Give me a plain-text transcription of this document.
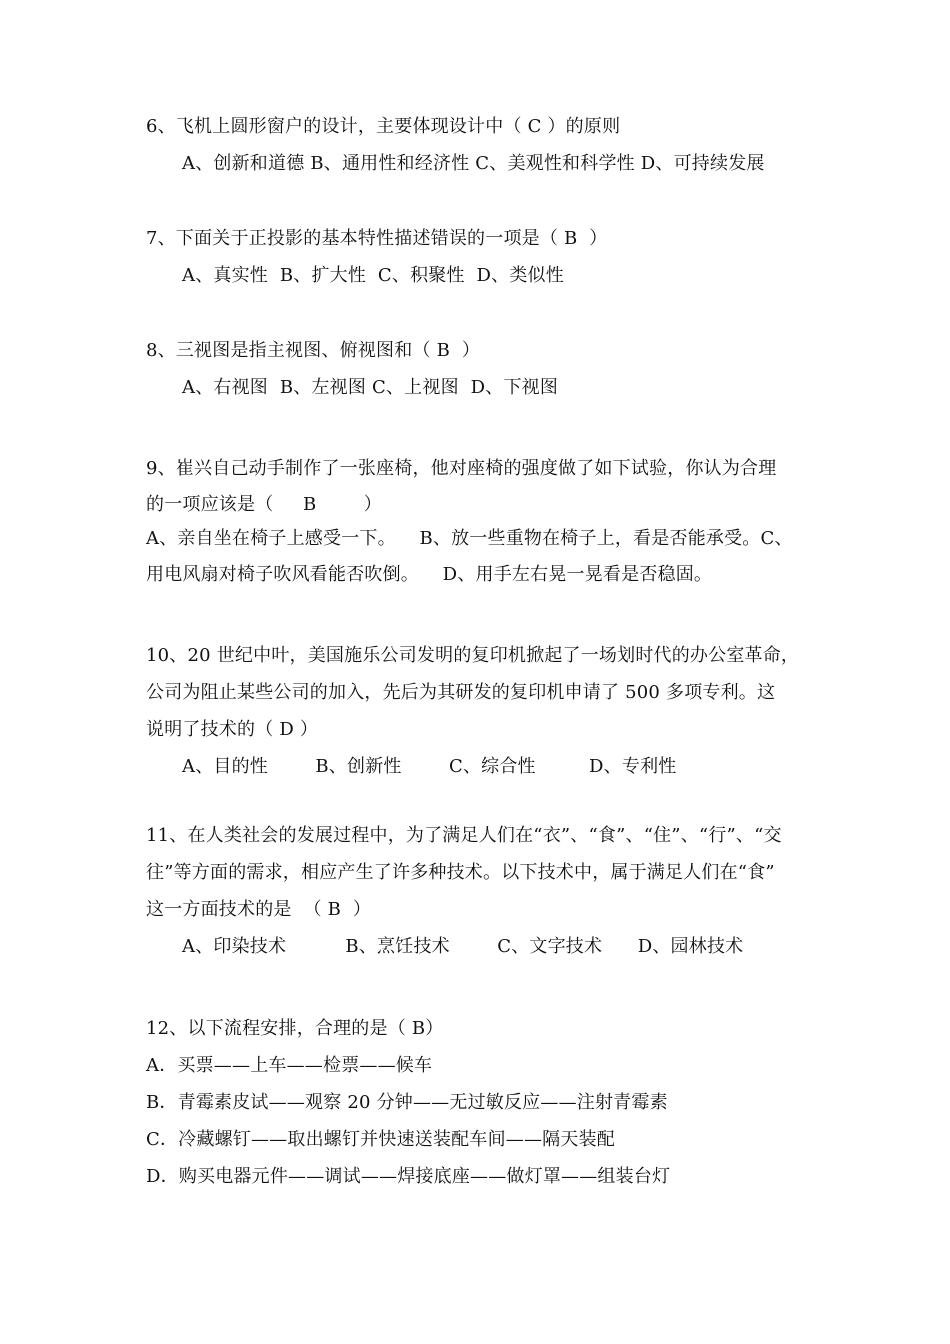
6、飞机上圆形窗户的设计，主要体现设计中（ C ）的原则
A、创新和道德 B、通用性和经济性 C、美观性和科学性 D、可持续发展
7、下面关于正投影的基本特性描述错误的一项是（ B  ）
A、真实性  B、扩大性  C、积聚性  D、类似性
8、三视图是指主视图、俯视图和（ B  ）
A、右视图  B、左视图 C、上视图  D、下视图
9、崔兴自己动手制作了一张座椅，他对座椅的强度做了如下试验，你认为合理
的一项应该是（     B        ）
A、亲自坐在椅子上感受一下。    B、放一些重物在椅子上，看是否能承受。C、
用电风扇对椅子吹风看能否吹倒。    D、用手左右晃一晃看是否稳固。
10、20 世纪中叶，美国施乐公司发明的复印机掀起了一场划时代的办公室革命，
公司为阻止某些公司的加入，先后为其研发的复印机申请了 500 多项专利。这
说明了技术的（ D ）
A、目的性        B、创新性        C、综合性         D、专利性
11、在人类社会的发展过程中，为了满足人们在“衣”、“食”、“住”、“行”、“交
往”等方面的需求，相应产生了许多种技术。以下技术中，属于满足人们在“食”
这一方面技术的是  （ B  ）
A、印染技术          B、烹饪技术        C、文字技术      D、园林技术
12、以下流程安排，合理的是（ B）
A．买票——上车——检票——候车
B．青霉素皮试——观察 20 分钟——无过敏反应——注射青霉素
C．冷藏螺钉——取出螺钉并快速送装配车间——隔天装配
D．购买电器元件——调试——焊接底座——做灯罩——组装台灯
